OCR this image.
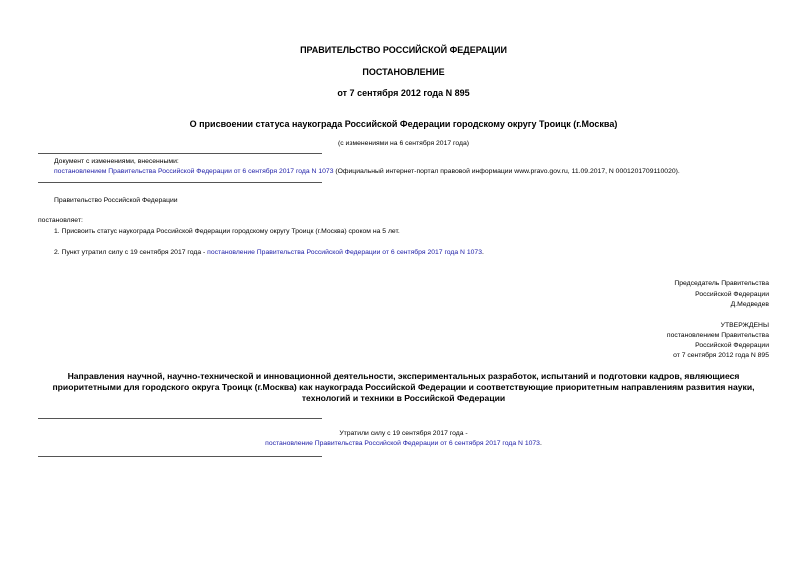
ПРАВИТЕЛЬСТВО РОССИЙСКОЙ ФЕДЕРАЦИИ
ПОСТАНОВЛЕНИЕ
от 7 сентября 2012 года N 895
О присвоении статуса наукограда Российской Федерации городскому округу Троицк (г.Москва)
(с изменениями на 6 сентября 2017 года)
Документ с изменениями, внесенными:
постановлением Правительства Российской Федерации от 6 сентября 2017 года N 1073 (Официальный интернет-портал правовой информации www.pravo.gov.ru, 11.09.2017, N 0001201709110020).
Правительство Российской Федерации
постановляет:
1. Присвоить статус наукограда Российской Федерации городскому округу Троицк (г.Москва) сроком на 5 лет.
2. Пункт утратил силу с 19 сентября 2017 года - постановление Правительства Российской Федерации от 6 сентября 2017 года N 1073.
Председатель Правительства
Российской Федерации
Д.Медведев
УТВЕРЖДЕНЫ
постановлением Правительства
Российской Федерации
от 7 сентября 2012 года N 895
Направления научной, научно-технической и инновационной деятельности, экспериментальных разработок, испытаний и подготовки кадров, являющиеся
приоритетными для городского округа Троицк (г.Москва) как наукограда Российской Федерации и соответствующие приоритетным направлениям развития науки,
технологий и техники в Российской Федерации
Утратили силу с 19 сентября 2017 года -
постановление Правительства Российской Федерации от 6 сентября 2017 года N 1073.
